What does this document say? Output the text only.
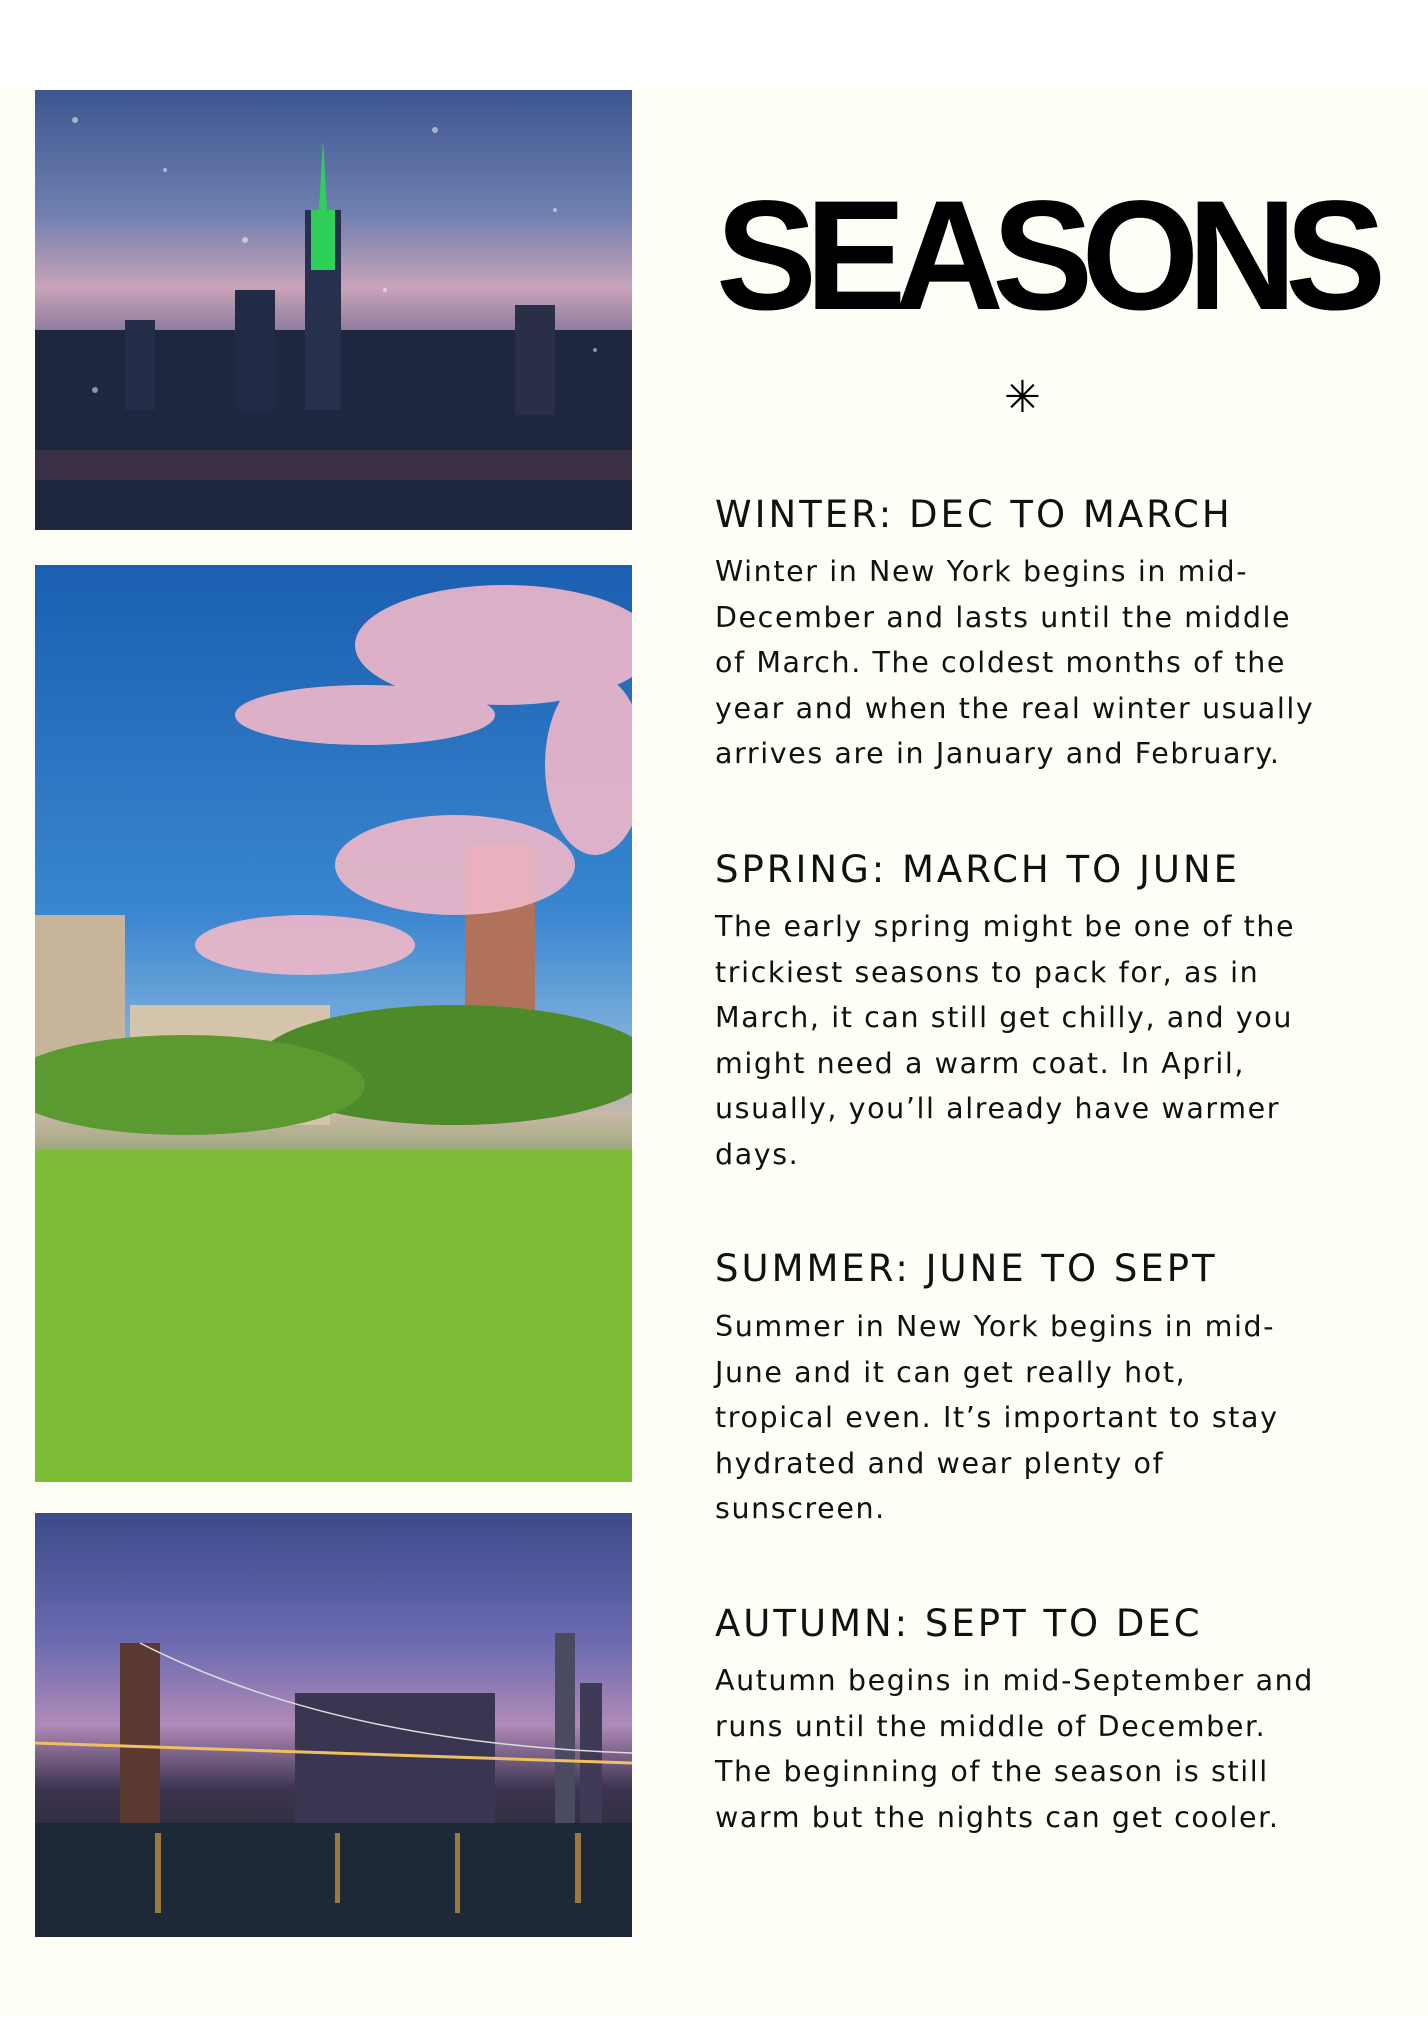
SEASONS
✳
WINTER: DEC TO MARCH
Winter in New York begins in mid-
December and lasts until the middle
of March. The coldest months of the
year and when the real winter usually
arrives are in January and February.
SPRING: MARCH TO JUNE
The early spring might be one of the
trickiest seasons to pack for, as in
March, it can still get chilly, and you
might need a warm coat. In April,
usually, you’ll already have warmer
days.
SUMMER: JUNE TO SEPT
Summer in New York begins in mid-
June and it can get really hot,
tropical even. It’s important to stay
hydrated and wear plenty of
sunscreen.
AUTUMN: SEPT TO DEC
Autumn begins in mid-September and
runs until the middle of December.
The beginning of the season is still
warm but the nights can get cooler.
